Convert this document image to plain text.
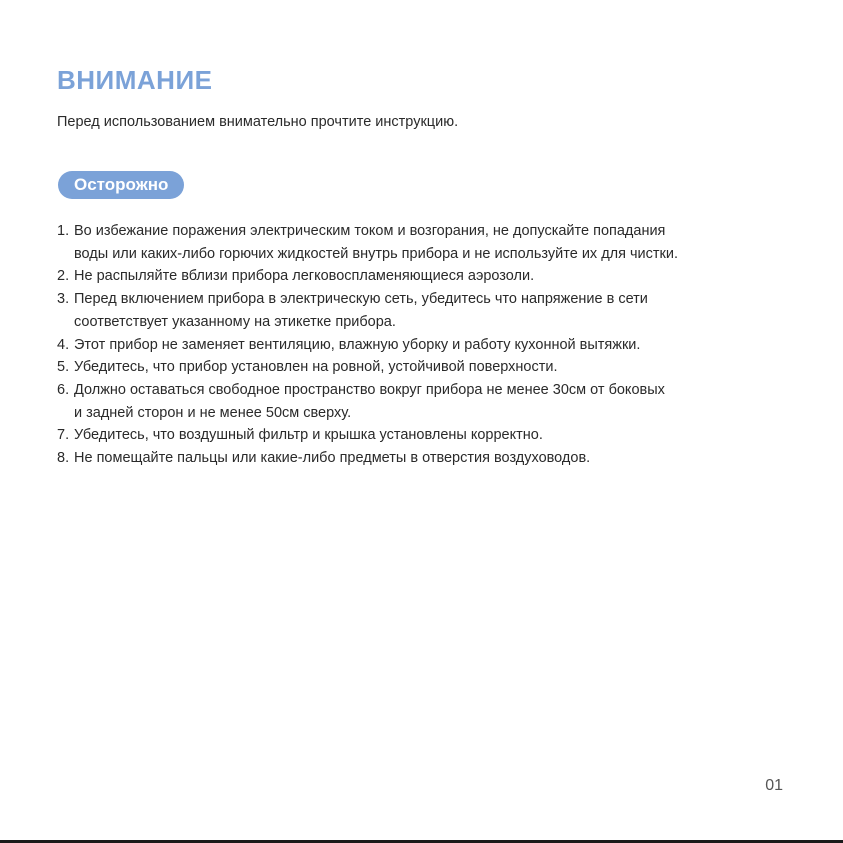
ВНИМАНИЕ

Перед использованием внимательно прочтите инструкцию.

Осторожно
1. Во избежание поражения электрическим током и возгорания, не допускайте попадания
воды или каких-либо горючих жидкостей внутрь прибора и не используйте их для чистки.
2. Не распыляйте вблизи прибора легковоспламеняющиеся аэрозоли.
3. Перед включением прибора в электрическую сеть, убедитесь что напряжение в сети
соответствует указанному на этикетке прибора.
4. Этот прибор не заменяет вентиляцию, влажную уборку и работу кухонной вытяжки.
5. Убедитесь, что прибор установлен на ровной, устойчивой поверхности.
6. Должно оставаться свободное пространство вокруг прибора не менее 30см от боковых
и задней сторон и не менее 50см сверху.
7. Убедитесь, что воздушный фильтр и крышка установлены корректно.
8. Не помещайте пальцы или какие-либо предметы в отверстия воздуховодов.
01
